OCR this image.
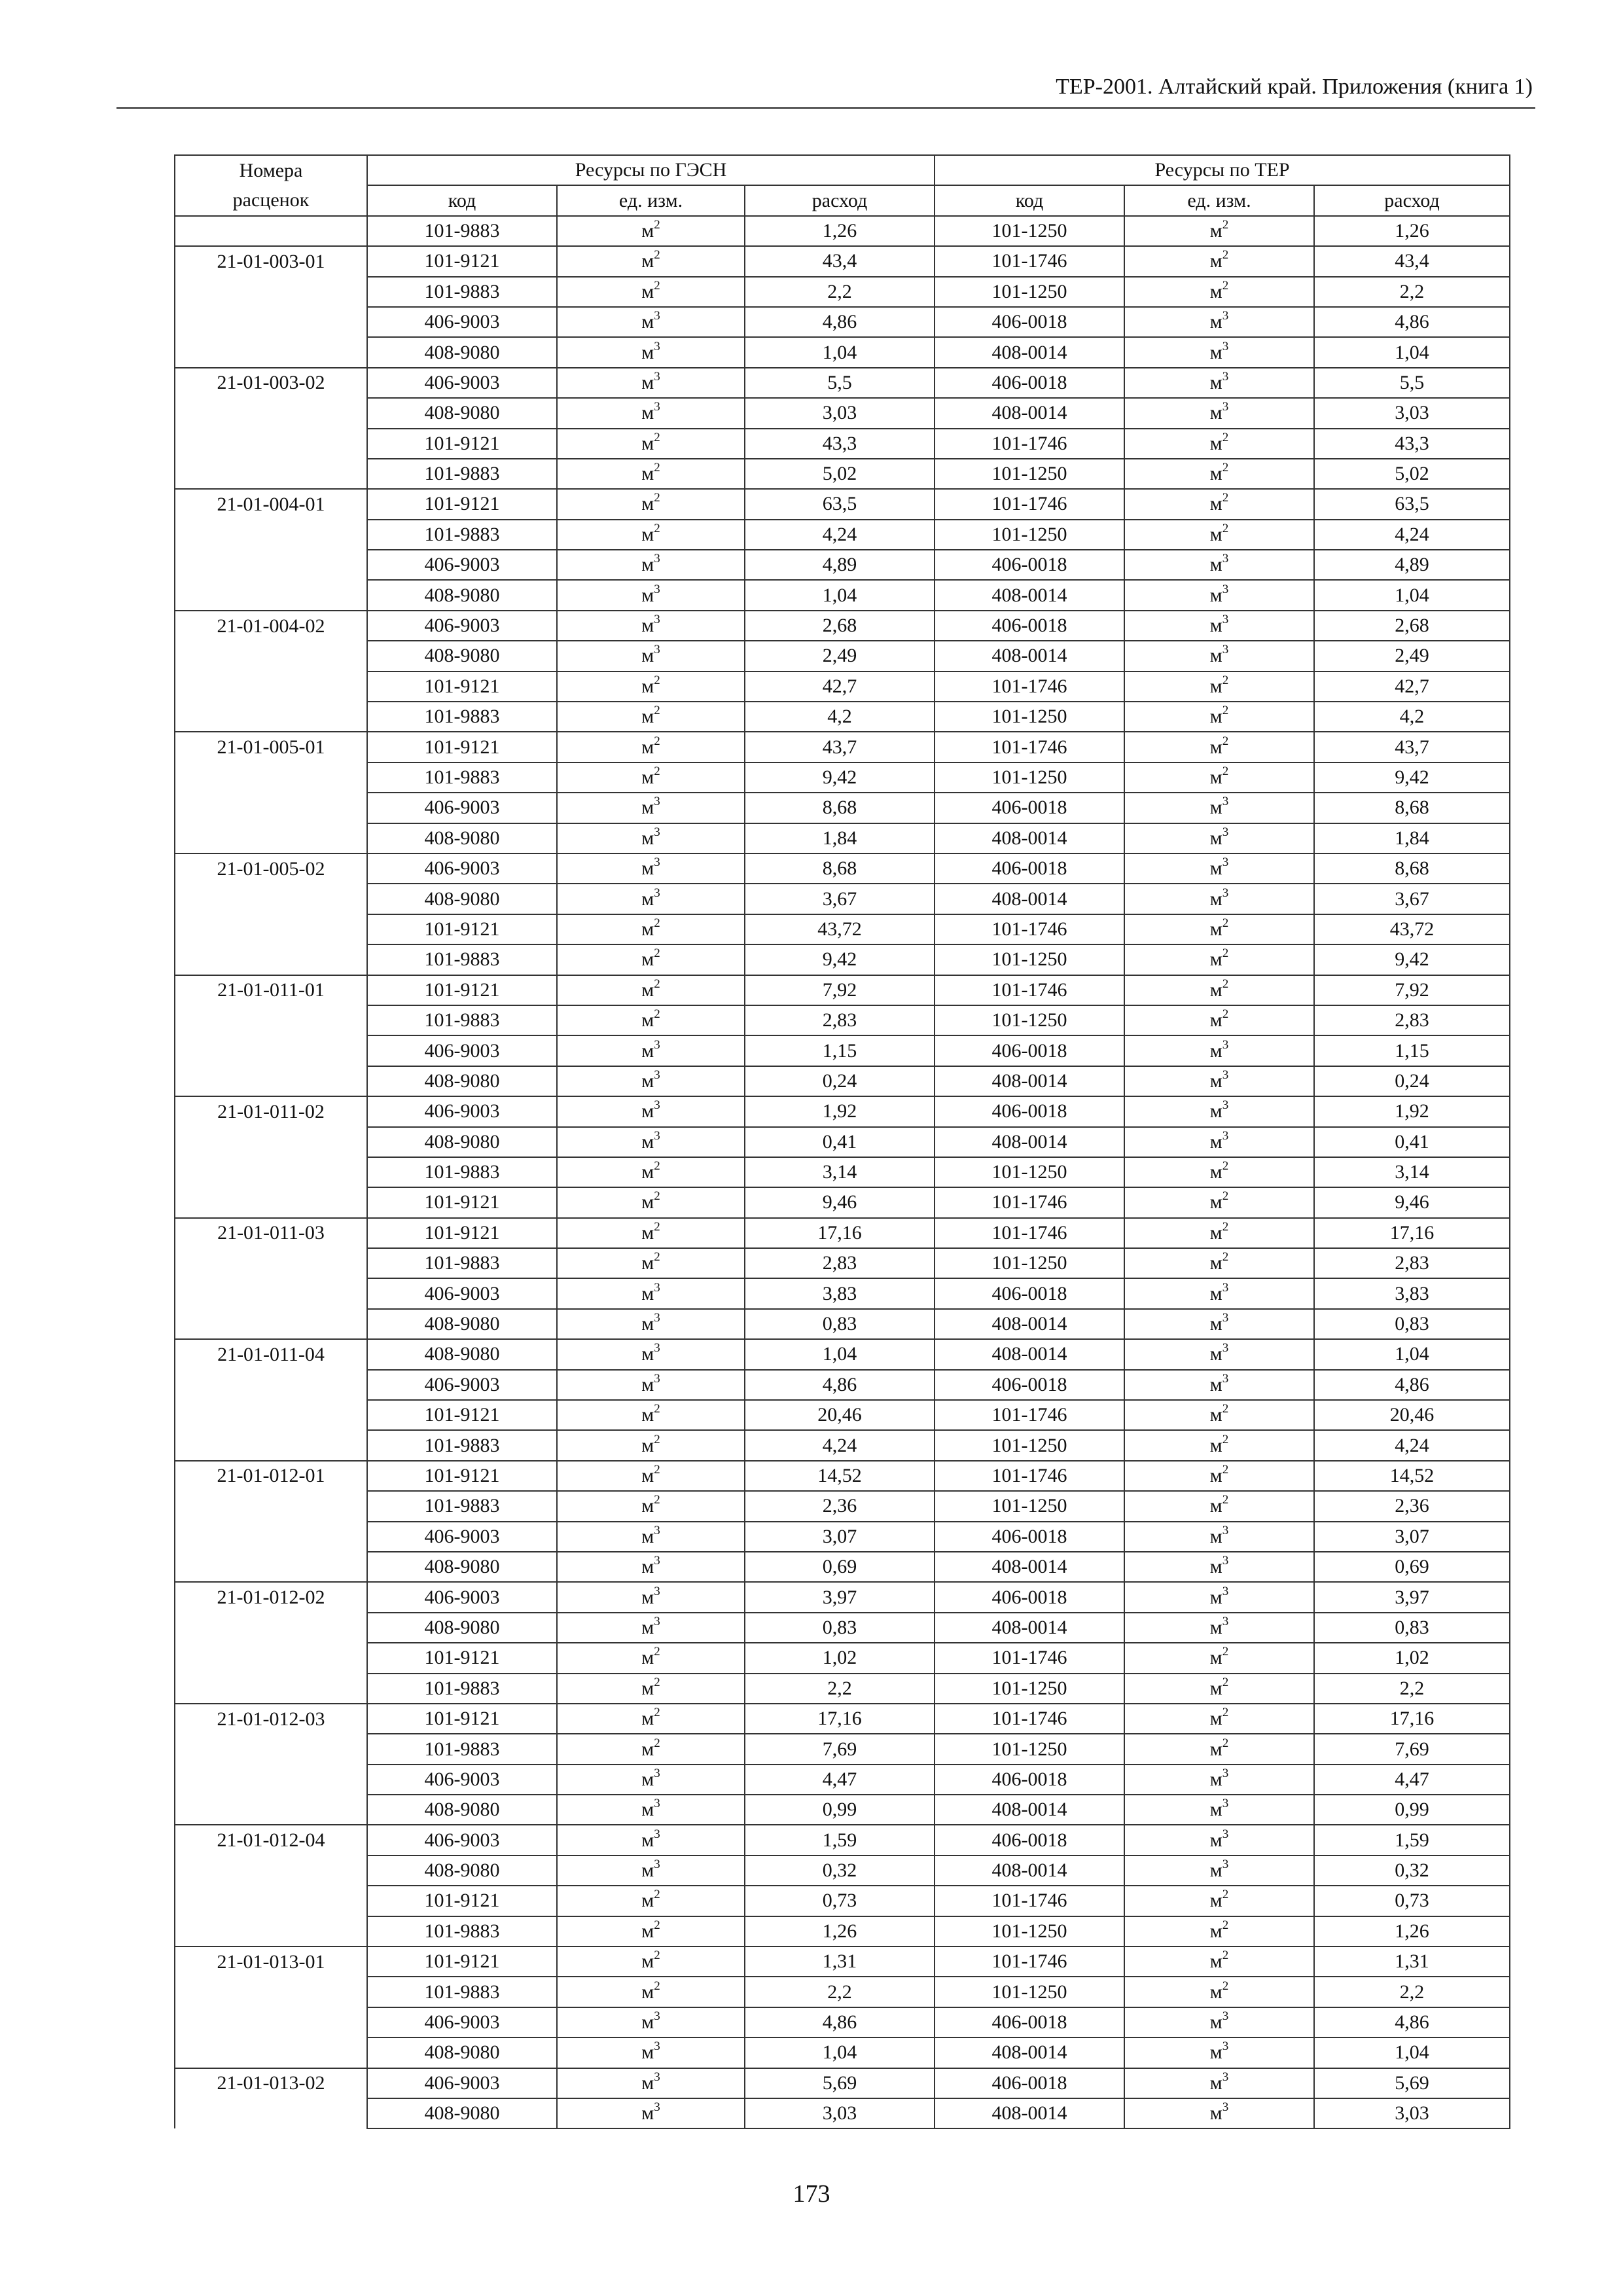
ТЕР-2001. Алтайский край. Приложения (книга 1)
Номера	Ресурсы по ГЭСН			Ресурсы по ТЕР		
расценок	код	ед. изм.	расход	код	ед. изм.	расход
	101-9883	$м^2$	1,26	101-1250	$м^2$	1,26
21-01-003-01	101-9121	$м^2$	43,4	101-1746	$м^2$	43,4
	101-9883	$м^2$	2,2	101-1250	$м^2$	2,2
	406-9003	$м^3$	4,86	406-0018	$м^3$	4,86
	408-9080	$м^3$	1,04	408-0014	$м^3$	1,04
21-01-003-02	406-9003	$м^3$	5,5	406-0018	$м^3$	5,5
	408-9080	$м^3$	3,03	408-0014	$м^3$	3,03
	101-9121	$м^2$	43,3	101-1746	$м^2$	43,3
	101-9883	$м^2$	5,02	101-1250	$м^2$	5,02
21-01-004-01	101-9121	$м^2$	63,5	101-1746	$м^2$	63,5
	101-9883	$м^2$	4,24	101-1250	$м^2$	4,24
	406-9003	$м^3$	4,89	406-0018	$м^3$	4,89
	408-9080	$м^3$	1,04	408-0014	$м^3$	1,04
21-01-004-02	406-9003	$м^3$	2,68	406-0018	$м^3$	2,68
	408-9080	$м^3$	2,49	408-0014	$м^3$	2,49
	101-9121	$м^2$	42,7	101-1746	$м^2$	42,7
	101-9883	$м^2$	4,2	101-1250	$м^2$	4,2
21-01-005-01	101-9121	$м^2$	43,7	101-1746	$м^2$	43,7
	101-9883	$м^2$	9,42	101-1250	$м^2$	9,42
	406-9003	$м^3$	8,68	406-0018	$м^3$	8,68
	408-9080	$м^3$	1,84	408-0014	$м^3$	1,84
21-01-005-02	406-9003	$м^3$	8,68	406-0018	$м^3$	8,68
	408-9080	$м^3$	3,67	408-0014	$м^3$	3,67
	101-9121	$м^2$	43,72	101-1746	$м^2$	43,72
	101-9883	$м^2$	9,42	101-1250	$м^2$	9,42
21-01-011-01	101-9121	$м^2$	7,92	101-1746	$м^2$	7,92
	101-9883	$м^2$	2,83	101-1250	$м^2$	2,83
	406-9003	$м^3$	1,15	406-0018	$м^3$	1,15
	408-9080	$м^3$	0,24	408-0014	$м^3$	0,24
21-01-011-02	406-9003	$м^3$	1,92	406-0018	$м^3$	1,92
	408-9080	$м^3$	0,41	408-0014	$м^3$	0,41
	101-9883	$м^2$	3,14	101-1250	$м^2$	3,14
	101-9121	$м^2$	9,46	101-1746	$м^2$	9,46
21-01-011-03	101-9121	$м^2$	17,16	101-1746	$м^2$	17,16
	101-9883	$м^2$	2,83	101-1250	$м^2$	2,83
	406-9003	$м^3$	3,83	406-0018	$м^3$	3,83
	408-9080	$м^3$	0,83	408-0014	$м^3$	0,83
21-01-011-04	408-9080	$м^3$	1,04	408-0014	$м^3$	1,04
	406-9003	$м^3$	4,86	406-0018	$м^3$	4,86
	101-9121	$м^2$	20,46	101-1746	$м^2$	20,46
	101-9883	$м^2$	4,24	101-1250	$м^2$	4,24
21-01-012-01	101-9121	$м^2$	14,52	101-1746	$м^2$	14,52
	101-9883	$м^2$	2,36	101-1250	$м^2$	2,36
	406-9003	$м^3$	3,07	406-0018	$м^3$	3,07
	408-9080	$м^3$	0,69	408-0014	$м^3$	0,69
21-01-012-02	406-9003	$м^3$	3,97	406-0018	$м^3$	3,97
	408-9080	$м^3$	0,83	408-0014	$м^3$	0,83
	101-9121	$м^2$	1,02	101-1746	$м^2$	1,02
	101-9883	$м^2$	2,2	101-1250	$м^2$	2,2
21-01-012-03	101-9121	$м^2$	17,16	101-1746	$м^2$	17,16
	101-9883	$м^2$	7,69	101-1250	$м^2$	7,69
	406-9003	$м^3$	4,47	406-0018	$м^3$	4,47
	408-9080	$м^3$	0,99	408-0014	$м^3$	0,99
21-01-012-04	406-9003	$м^3$	1,59	406-0018	$м^3$	1,59
	408-9080	$м^3$	0,32	408-0014	$м^3$	0,32
	101-9121	$м^2$	0,73	101-1746	$м^2$	0,73
	101-9883	$м^2$	1,26	101-1250	$м^2$	1,26
21-01-013-01	101-9121	$м^2$	1,31	101-1746	$м^2$	1,31
	101-9883	$м^2$	2,2	101-1250	$м^2$	2,2
	406-9003	$м^3$	4,86	406-0018	$м^3$	4,86
	408-9080	$м^3$	1,04	408-0014	$м^3$	1,04
21-01-013-02	406-9003	$м^3$	5,69	406-0018	$м^3$	5,69
	408-9080	$м^3$	3,03	408-0014	$м^3$	3,03
173
